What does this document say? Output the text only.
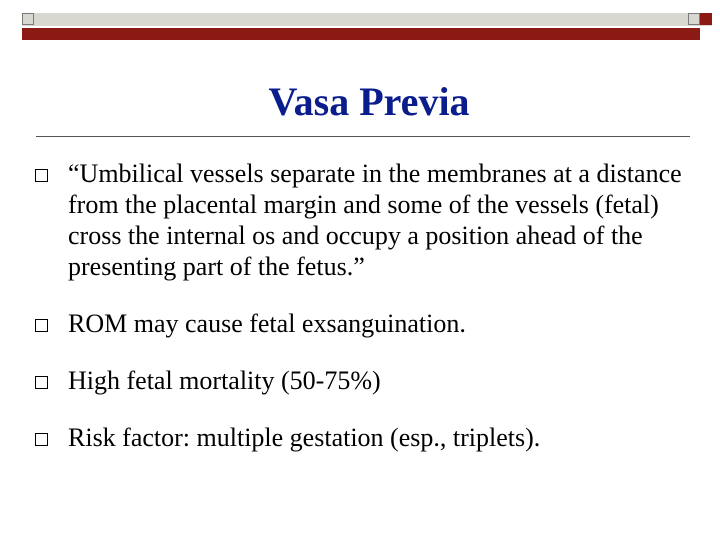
Vasa Previa
“Umbilical vessels separate in the membranes at a distance from the placental margin and some of the vessels (fetal) cross the internal os and occupy a position ahead of the presenting part of the fetus.”
ROM may cause fetal exsanguination.
High fetal mortality (50-75%)
Risk factor: multiple gestation (esp., triplets).
